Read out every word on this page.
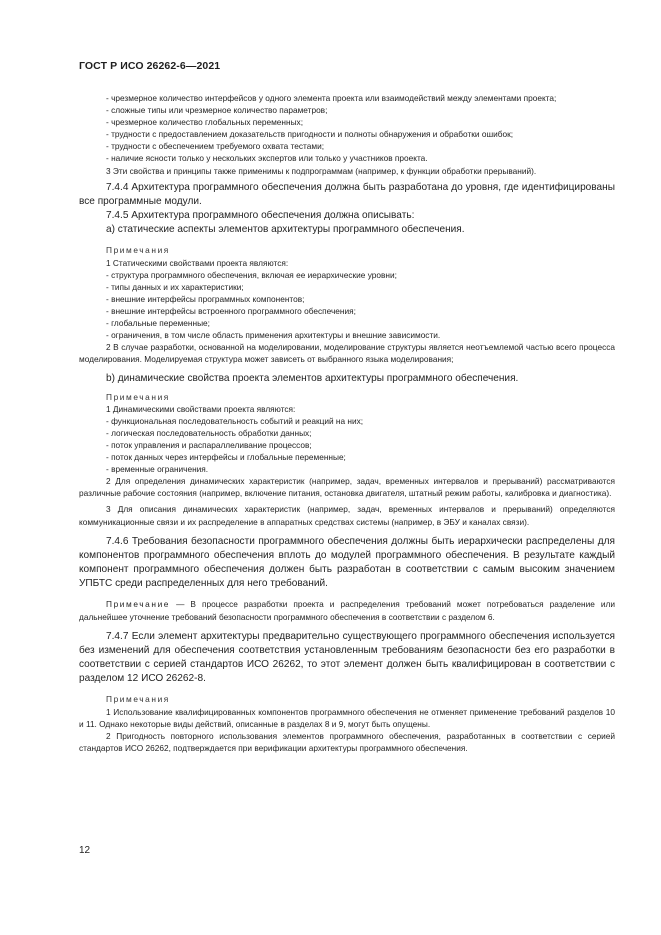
ГОСТ Р ИСО 26262-6—2021

- чрезмерное количество интерфейсов у одного элемента проекта или взаимодействий между элементами проекта;

- сложные типы или чрезмерное количество параметров;

- чрезмерное количество глобальных переменных;

- трудности с предоставлением доказательств пригодности и полноты обнаружения и обработки ошибок;

- трудности с обеспечением требуемого охвата тестами;

- наличие ясности только у нескольких экспертов или только у участников проекта.

3 Эти свойства и принципы также применимы к подпрограммам (например, к функции обработки прерываний).

7.4.4 Архитектура программного обеспечения должна быть разработана до уровня, где идентифицированы все программные модули.

7.4.5 Архитектура программного обеспечения должна описывать:

а) статические аспекты элементов архитектуры программного обеспечения.

Примечания

1 Статическими свойствами проекта являются:

- структура программного обеспечения, включая ее иерархические уровни;

- типы данных и их характеристики;

- внешние интерфейсы программных компонентов;

- внешние интерфейсы встроенного программного обеспечения;

- глобальные переменные;

- ограничения, в том числе область применения архитектуры и внешние зависимости.

2 В случае разработки, основанной на моделировании, моделирование структуры является неотъемлемой частью всего процесса моделирования. Моделируемая структура может зависеть от выбранного языка моделирования;

b) динамические свойства проекта элементов архитектуры программного обеспечения.

Примечания

1 Динамическими свойствами проекта являются:

- функциональная последовательность событий и реакций на них;

- логическая последовательность обработки данных;

- поток управления и распараллеливание процессов;

- поток данных через интерфейсы и глобальные переменные;

- временные ограничения.

2 Для определения динамических характеристик (например, задач, временных интервалов и прерываний) рассматриваются различные рабочие состояния (например, включение питания, остановка двигателя, штатный режим работы, калибровка и диагностика).

3 Для описания динамических характеристик (например, задач, временных интервалов и прерываний) определяются коммуникационные связи и их распределение в аппаратных средствах системы (например, в ЭБУ и каналах связи).

7.4.6 Требования безопасности программного обеспечения должны быть иерархически распределены для компонентов программного обеспечения вплоть до модулей программного обеспечения. В результате каждый компонент программного обеспечения должен быть разработан в соответствии с самым высоким значением УПБТС среди распределенных для него требований.

Примечание — В процессе разработки проекта и распределения требований может потребоваться разделение или дальнейшее уточнение требований безопасности программного обеспечения в соответствии с разделом 6.

7.4.7 Если элемент архитектуры предварительно существующего программного обеспечения используется без изменений для обеспечения соответствия установленным требованиям безопасности без его разработки в соответствии с серией стандартов ИСО 26262, то этот элемент должен быть квалифицирован в соответствии с разделом 12 ИСО 26262-8.

Примечания

1 Использование квалифицированных компонентов программного обеспечения не отменяет применение требований разделов 10 и 11. Однако некоторые виды действий, описанные в разделах 8 и 9, могут быть опущены.

2 Пригодность повторного использования элементов программного обеспечения, разработанных в соответствии с серией стандартов ИСО 26262, подтверждается при верификации архитектуры программного обеспечения.

12
